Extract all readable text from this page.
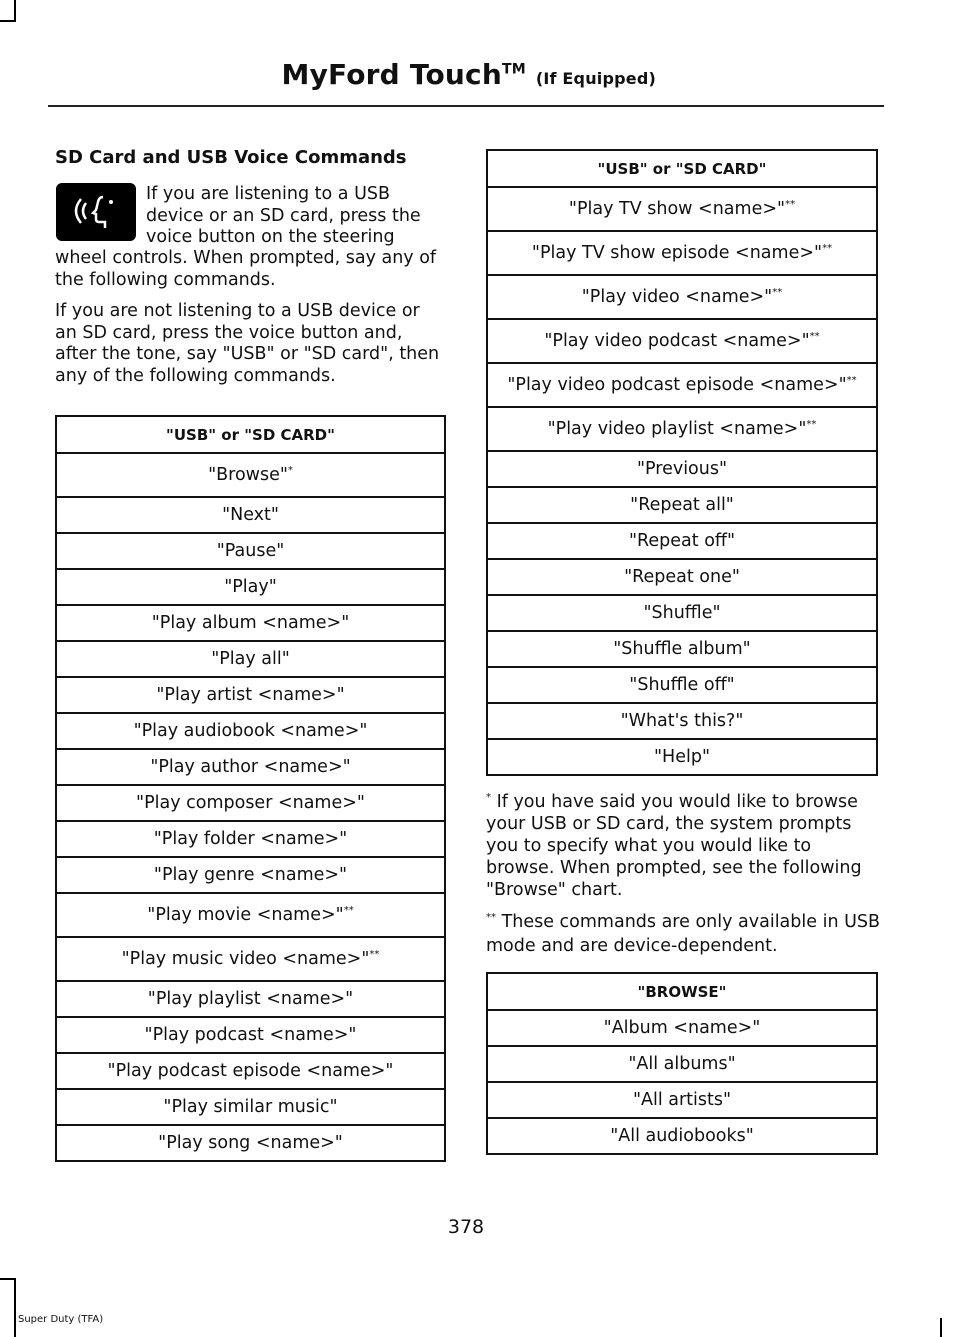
MyFord Touch™ (If Equipped)
SD Card and USB Voice Commands
If you are listening to a USB device or an SD card, press the voice button on the steering
wheel controls. When prompted, say any of the following commands.
If you are not listening to a USB device or an SD card, press the voice button and, after the tone, say "USB" or "SD card", then any of the following commands.
"USB" or "SD CARD"
"Browse"*
"Next"
"Pause"
"Play"
"Play album <name>"
"Play all"
"Play artist <name>"
"Play audiobook <name>"
"Play author <name>"
"Play composer <name>"
"Play folder <name>"
"Play genre <name>"
"Play movie <name>"**
"Play music video <name>"**
"Play playlist <name>"
"Play podcast <name>"
"Play podcast episode <name>"
"Play similar music"
"Play song <name>"
"USB" or "SD CARD"
"Play TV show <name>"**
"Play TV show episode <name>"**
"Play video <name>"**
"Play video podcast <name>"**
"Play video podcast episode <name>"**
"Play video playlist <name>"**
"Previous"
"Repeat all"
"Repeat off"
"Repeat one"
"Shuffle"
"Shuffle album"
"Shuffle off"
"What's this?"
"Help"
* If you have said you would like to browse your USB or SD card, the system prompts you to specify what you would like to browse. When prompted, see the following "Browse" chart.
** These commands are only available in USB mode and are device-dependent.
"BROWSE"
"Album <name>"
"All albums"
"All artists"
"All audiobooks"
378
Super Duty (TFA)
